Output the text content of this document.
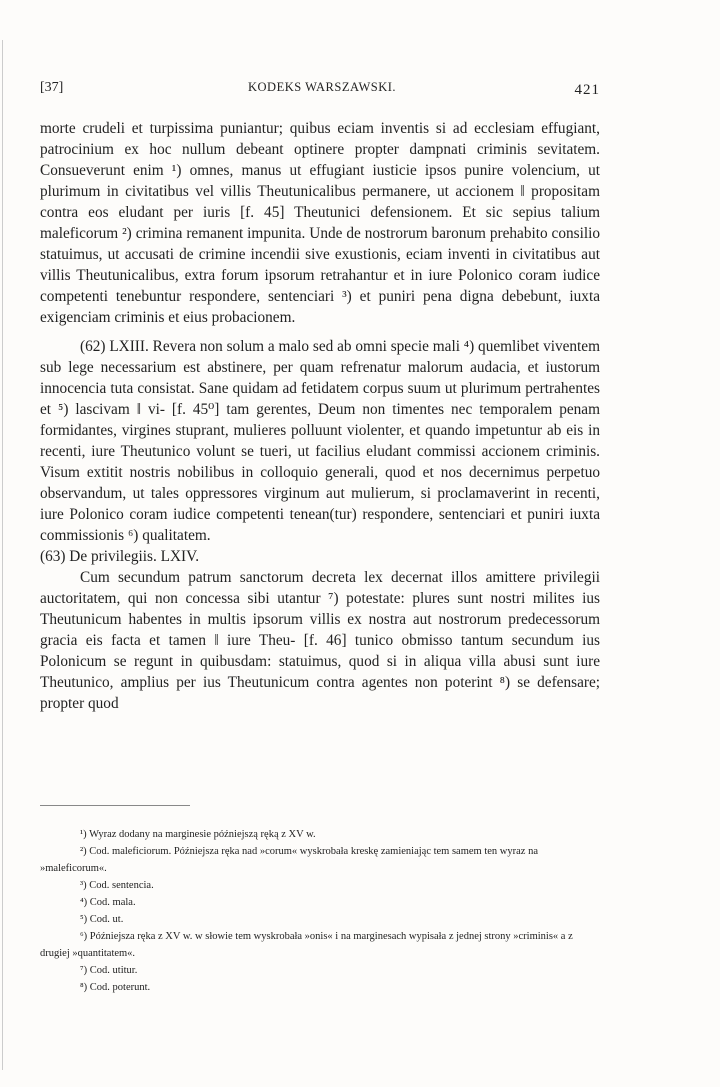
[37]	KODEKS WARSZAWSKI.	421

morte crudeli et turpissima puniantur; quibus eciam inventis si ad ecclesiam effugiant, patrocinium ex hoc nullum debeant optinere propter dampnati criminis sevitatem. Consueverunt enim ¹) omnes, manus ut effugiant iusticie ipsos punire volencium, ut plurimum in civitatibus vel villis Theutunicalibus permanere, ut accionem ‖ propositam contra eos eludant per iuris [f. 45] Theutunici defensionem. Et sic sepius talium maleficorum ²) crimina remanent impunita. Unde de nostrorum baronum prehabito consilio statuimus, ut accusati de crimine incendii sive exustionis, eciam inventi in civitatibus aut villis Theutunicalibus, extra forum ipsorum retrahantur et in iure Polonico coram iudice competenti tenebuntur respondere, sentenciari ³) et puniri pena digna debebunt, iuxta exigenciam criminis et eius probacionem.

(62) LXIII. Revera non solum a malo sed ab omni specie mali ⁴) quemlibet viventem sub lege necessarium est abstinere, per quam refrenatur malorum audacia, et iustorum innocencia tuta consistat. Sane quidam ad fetidatem corpus suum ut plurimum pertrahentes et ⁵) lascivam ‖ vi- [f. 45⁰] tam gerentes, Deum non timentes nec temporalem penam formidantes, virgines stuprant, mulieres polluunt violenter, et quando impetuntur ab eis in recenti, iure Theutunico volunt se tueri, ut facilius eludant commissi accionem criminis. Visum extitit nostris nobilibus in colloquio generali, quod et nos decernimus perpetuo observandum, ut tales oppressores virginum aut mulierum, si proclamaverint in recenti, iure Polonico coram iudice competenti tenean(tur) respondere, sentenciari et puniri iuxta commissionis ⁶) qualitatem.

(63) De privilegiis. LXIV.

Cum secundum patrum sanctorum decreta lex decernat illos amittere privilegii auctoritatem, qui non concessa sibi utantur ⁷) potestate: plures sunt nostri milites ius Theutunicum habentes in multis ipsorum villis ex nostra aut nostrorum predecessorum gracia eis facta et tamen ‖ iure Theu- [f. 46] tunico obmisso tantum secundum ius Polonicum se regunt in quibusdam: statuimus, quod si in aliqua villa abusi sunt iure Theutunico, amplius per ius Theutunicum contra agentes non poterint ⁸) se defensare; propter quod

¹) Wyraz dodany na marginesie późniejszą ręką z XV w.

²) Cod. maleficiorum. Późniejsza ręka nad »corum« wyskrobała kreskę zamieniając tem samem ten wyraz na »maleficorum«.

³) Cod. sentencia.

⁴) Cod. mala.

⁵) Cod. ut.

⁶) Późniejsza ręka z XV w. w słowie tem wyskrobała »onis« i na marginesach wypisała z jednej strony »criminis« a z drugiej »quantitatem«.

⁷) Cod. utitur.

⁸) Cod. poterunt.
